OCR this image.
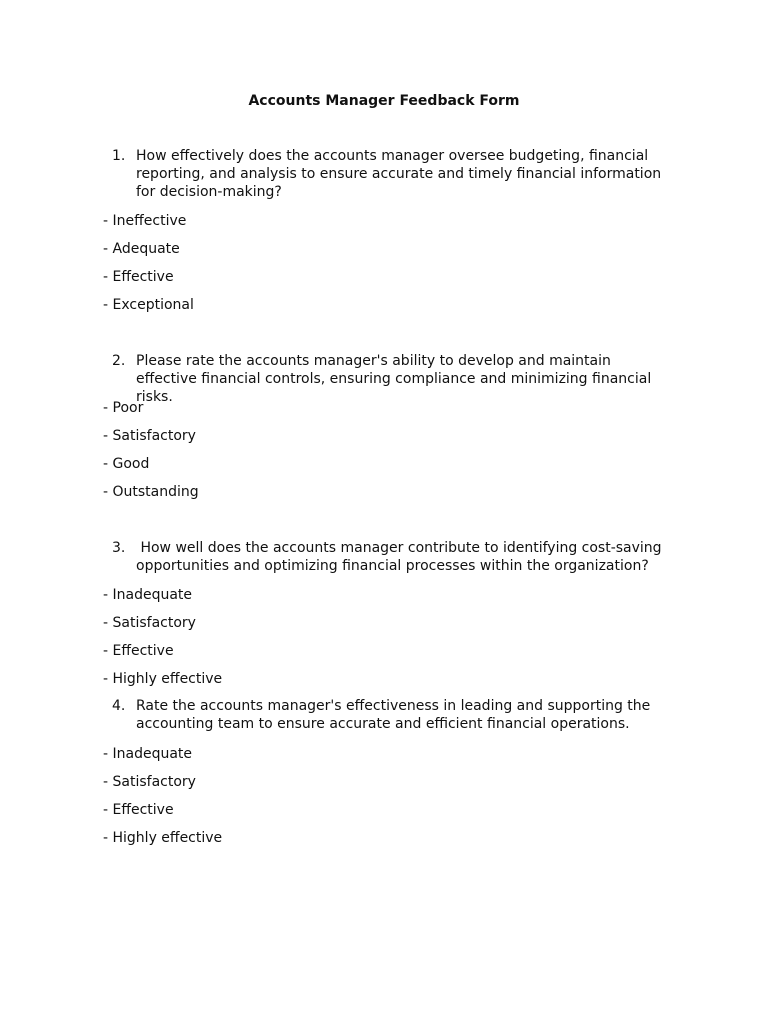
Accounts Manager Feedback Form
1. How effectively does the accounts manager oversee budgeting, financial reporting, and analysis to ensure accurate and timely financial information for decision-making?
- Ineffective
- Adequate
- Effective
- Exceptional
2. Please rate the accounts manager's ability to develop and maintain effective financial controls, ensuring compliance and minimizing financial risks.
- Poor
- Satisfactory
- Good
- Outstanding
3. How well does the accounts manager contribute to identifying cost-saving opportunities and optimizing financial processes within the organization?
- Inadequate
- Satisfactory
- Effective
- Highly effective
4. Rate the accounts manager's effectiveness in leading and supporting the accounting team to ensure accurate and efficient financial operations.
- Inadequate
- Satisfactory
- Effective
- Highly effective
